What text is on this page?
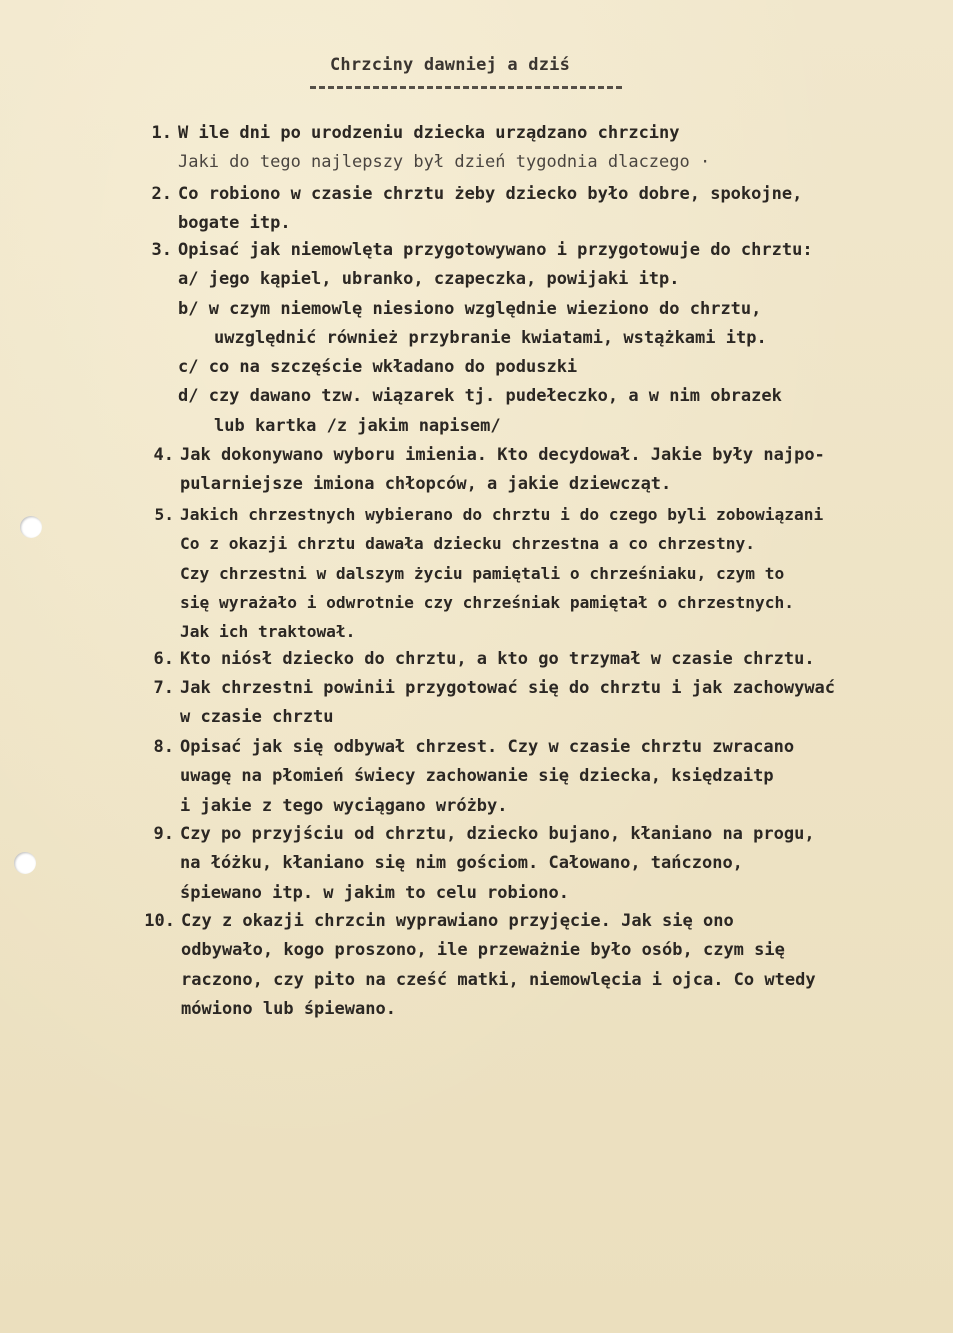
Chrzciny dawniej a dziś
1. W ile dni po urodzeniu dziecka urządzano chrzciny
Jaki do tego najlepszy był dzień tygodnia dlaczego ·
2. Co robiono w czasie chrztu żeby dziecko było dobre, spokojne,
bogate itp.
3. Opisać jak niemowlęta przygotowywano i przygotowuje do chrztu:
a/ jego kąpiel, ubranko, czapeczka, powijaki itp.
b/ w czym niemowlę niesiono względnie wieziono do chrztu,
uwzględnić również przybranie kwiatami, wstążkami itp.
c/ co na szczęście wkładano do poduszki
d/ czy dawano tzw. wiązarek tj. pudełeczko, a w nim obrazek
lub kartka /z jakim napisem/
4. Jak dokonywano wyboru imienia. Kto decydował. Jakie były najpo-
pularniejsze imiona chłopców, a jakie dziewcząt.
5. Jakich chrzestnych wybierano do chrztu i do czego byli zobowiązani
Co z okazji chrztu dawała dziecku chrzestna a co chrzestny.
Czy chrzestni w dalszym życiu pamiętali o chrześniaku, czym to
się wyrażało i odwrotnie czy chrześniak pamiętał o chrzestnych.
Jak ich traktował.
6. Kto niósł dziecko do chrztu, a kto go trzymał w czasie chrztu.
7. Jak chrzestni powinii przygotować się do chrztu i jak zachowywać
w czasie chrztu
8. Opisać jak się odbywał chrzest. Czy w czasie chrztu zwracano
uwagę na płomień świecy zachowanie się dziecka, księdzaitp
i jakie z tego wyciągano wróżby.
9. Czy po przyjściu od chrztu, dziecko bujano, kłaniano na progu,
na łóżku, kłaniano się nim gościom. Całowano, tańczono,
śpiewano itp. w jakim to celu robiono.
10. Czy z okazji chrzcin wyprawiano przyjęcie. Jak się ono
odbywało, kogo proszono, ile przeważnie było osób, czym się
raczono, czy pito na cześć matki, niemowlęcia i ojca. Co wtedy
mówiono lub śpiewano.
